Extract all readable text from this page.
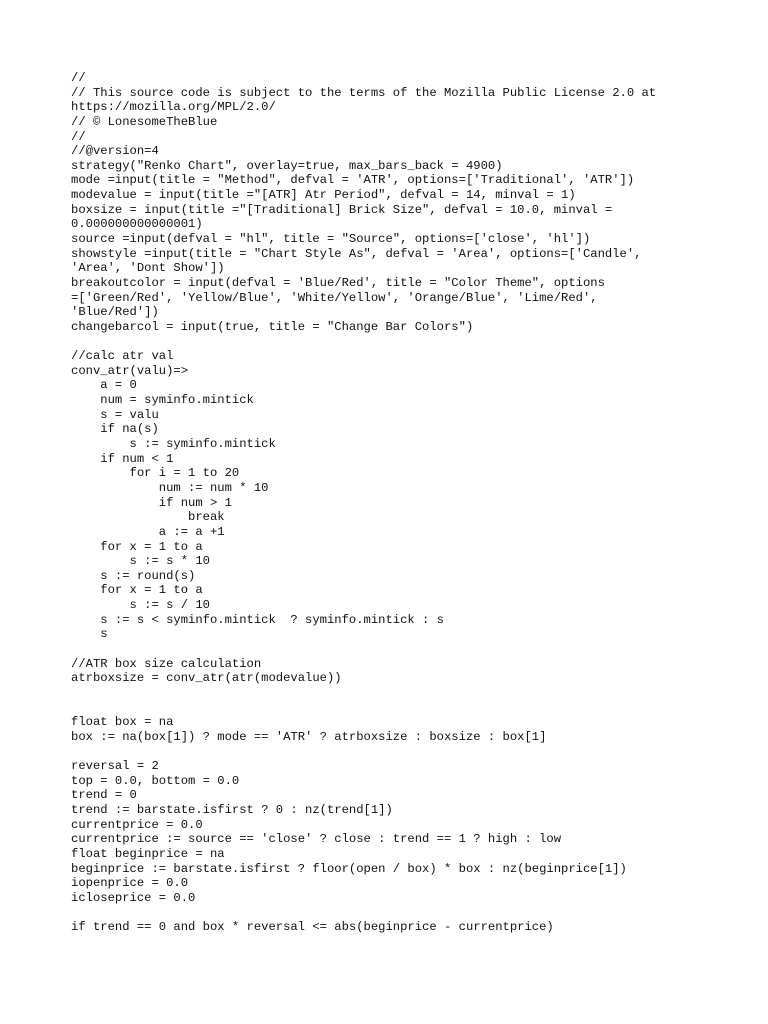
//
// This source code is subject to the terms of the Mozilla Public License 2.0 at
https://mozilla.org/MPL/2.0/
// © LonesomeTheBlue
//
//@version=4
strategy("Renko Chart", overlay=true, max_bars_back = 4900)
mode =input(title = "Method", defval = 'ATR', options=['Traditional', 'ATR'])
modevalue = input(title ="[ATR] Atr Period", defval = 14, minval = 1)
boxsize = input(title ="[Traditional] Brick Size", defval = 10.0, minval =
0.000000000000001)
source =input(defval = "hl", title = "Source", options=['close', 'hl'])
showstyle =input(title = "Chart Style As", defval = 'Area', options=['Candle',
'Area', 'Dont Show'])
breakoutcolor = input(defval = 'Blue/Red', title = "Color Theme", options
=['Green/Red', 'Yellow/Blue', 'White/Yellow', 'Orange/Blue', 'Lime/Red',
'Blue/Red'])
changebarcol = input(true, title = "Change Bar Colors")
//calc atr val
conv_atr(valu)=>
a = 0
num = syminfo.mintick
s = valu
if na(s)
s := syminfo.mintick
if num < 1
for i = 1 to 20
num := num * 10
if num > 1
break
a := a +1
for x = 1 to a
s := s * 10
s := round(s)
for x = 1 to a
s := s / 10
s := s < syminfo.mintick  ? syminfo.mintick : s
s
//ATR box size calculation
atrboxsize = conv_atr(atr(modevalue))
float box = na
box := na(box[1]) ? mode == 'ATR' ? atrboxsize : boxsize : box[1]
reversal = 2
top = 0.0, bottom = 0.0
trend = 0
trend := barstate.isfirst ? 0 : nz(trend[1])
currentprice = 0.0
currentprice := source == 'close' ? close : trend == 1 ? high : low
float beginprice = na
beginprice := barstate.isfirst ? floor(open / box) * box : nz(beginprice[1])
iopenprice = 0.0
icloseprice = 0.0
if trend == 0 and box * reversal <= abs(beginprice - currentprice)
